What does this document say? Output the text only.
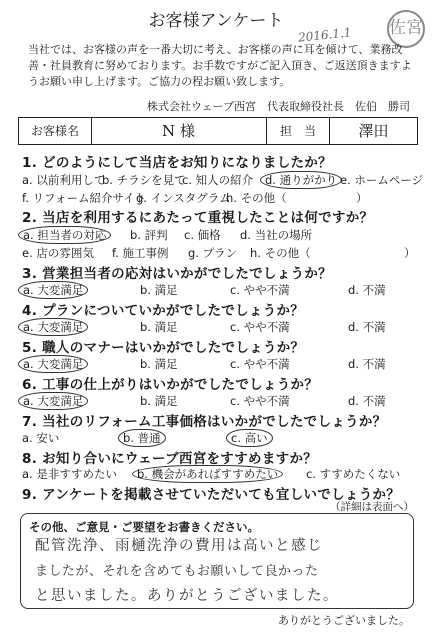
お客様アンケート
2016.1.1 佐宮
当社では、お客様の声を一番大切に考え、お客様の声に耳を傾けて、業務改善・社員教育に努めております。お手数ですがご記入頂き、ご返送頂きますようお願い申し上げます。ご協力の程お願い致します。
株式会社ウェーブ西宮　代表取締役社長　佐伯　勝司
お客様名	N 様	担　当	澤田
1. どのようにして当店をお知りになりましたか？
a. 以前利用して
b. チラシを見て
c. 知人の紹介	d. 通りがかり e. ホームページ
f. リフォーム紹介サイト
g. インスタグラム
h. その他（	）
2. 当店を利用するにあたって重視したことは何ですか？
a. 担当者の対応	b. 評判 c. 価格 d. 当社の場所
e. 店の雰囲気 f. 施工事例 g. プラン h. その他（	）
3. 営業担当者の応対はいかがでしたでしょうか？
a. 大変満足	b. 満足	c. やや不満	d. 不満
4. プランについていかがでしたでしょうか？
a. 大変満足	b. 満足	c. やや不満	d. 不満
5. 職人のマナーはいかがでしたでしょうか？
a. 大変満足	b. 満足	c. やや不満	d. 不満
6. 工事の仕上がりはいかがでしたでしょうか？
a. 大変満足	b. 満足	c. やや不満	d. 不満
7. 当社のリフォーム工事価格はいかがでしたでしょうか？
a. 安い	b. 普通	c. 高い
8. お知り合いにウェーブ西宮をすすめますか？
a. 是非すすめたい	b. 機会があればすすめたい	c. すすめたくない
9. アンケートを掲載させていただいても宜しいでしょうか？
（詳細は表面へ）
その他、ご意見・ご要望をお書きください。
配管洗浄、雨樋洗浄の費用は高いと感じ
ましたが、それを含めてもお願いして良かった
と思いました。ありがとうございました。
ありがとうございました。
